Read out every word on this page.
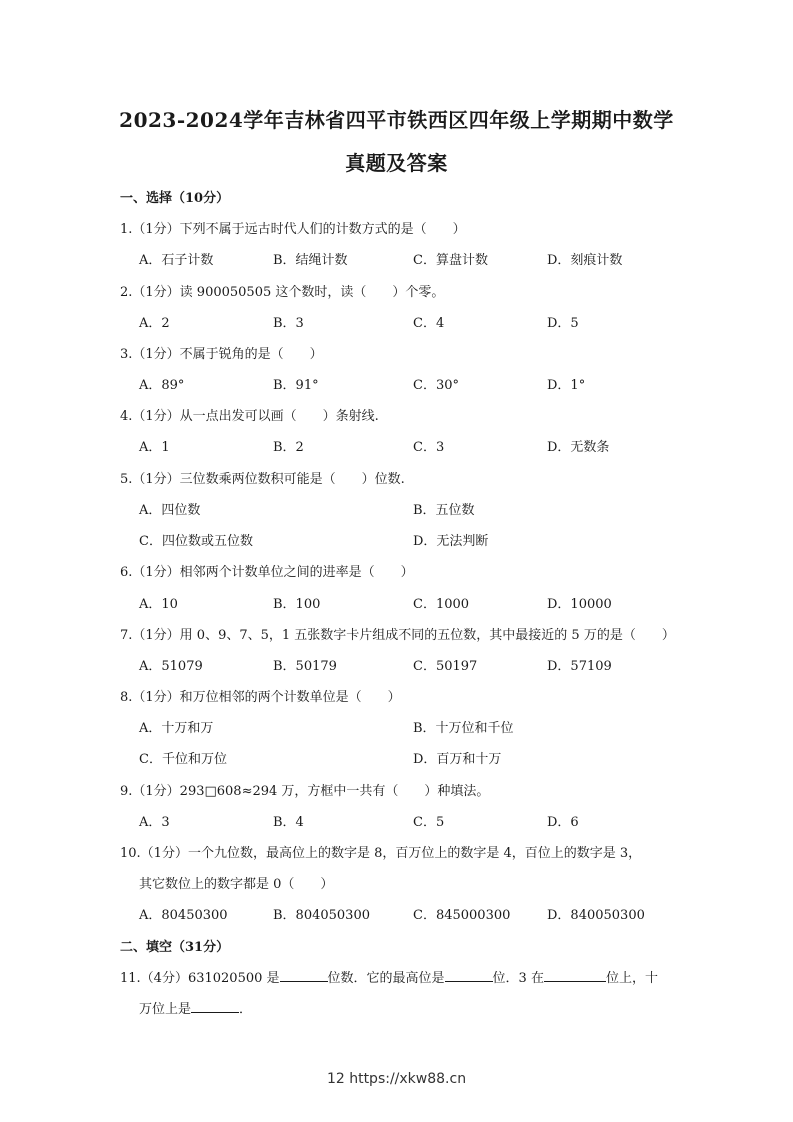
2023-2024学年吉林省四平市铁西区四年级上学期期中数学
真题及答案
一、选择（10分）
1.（1分）下列不属于远古时代人们的计数方式的是（　　）
A．石子计数	B．结绳计数	C．算盘计数	D．刻痕计数
2.（1分）读 900050505 这个数时，读（　　）个零。
A．2	B．3	C．4	D．5
3.（1分）不属于锐角的是（　　）
A．89°	B．91°	C．30°	D．1°
4.（1分）从一点出发可以画（　　）条射线.
A．1	B．2	C．3	D．无数条
5.（1分）三位数乘两位数积可能是（　　）位数.
A．四位数	B．五位数
C．四位数或五位数	D．无法判断
6.（1分）相邻两个计数单位之间的进率是（　　）
A．10	B．100	C．1000	D．10000
7.（1分）用 0、9、7、5，1 五张数字卡片组成不同的五位数，其中最接近的 5 万的是（　　）
A．51079	B．50179	C．50197	D．57109
8.（1分）和万位相邻的两个计数单位是（　　）
A．十万和万	B．十万位和千位
C．千位和万位	D．百万和十万
9.（1分）293□608≈294 万，方框中一共有（　　）种填法。
A．3	B．4	C．5	D．6
10.（1分）一个九位数，最高位上的数字是 8，百万位上的数字是 4，百位上的数字是 3，
其它数位上的数字都是 0（　　）
A．80450300	B．804050300	C．845000300	D．840050300
二、填空（31分）
11.（4分）631020500 是	位数．它的最高位是	位．3 在	位上，十
万位上是	．
12 https://xkw88.cn
